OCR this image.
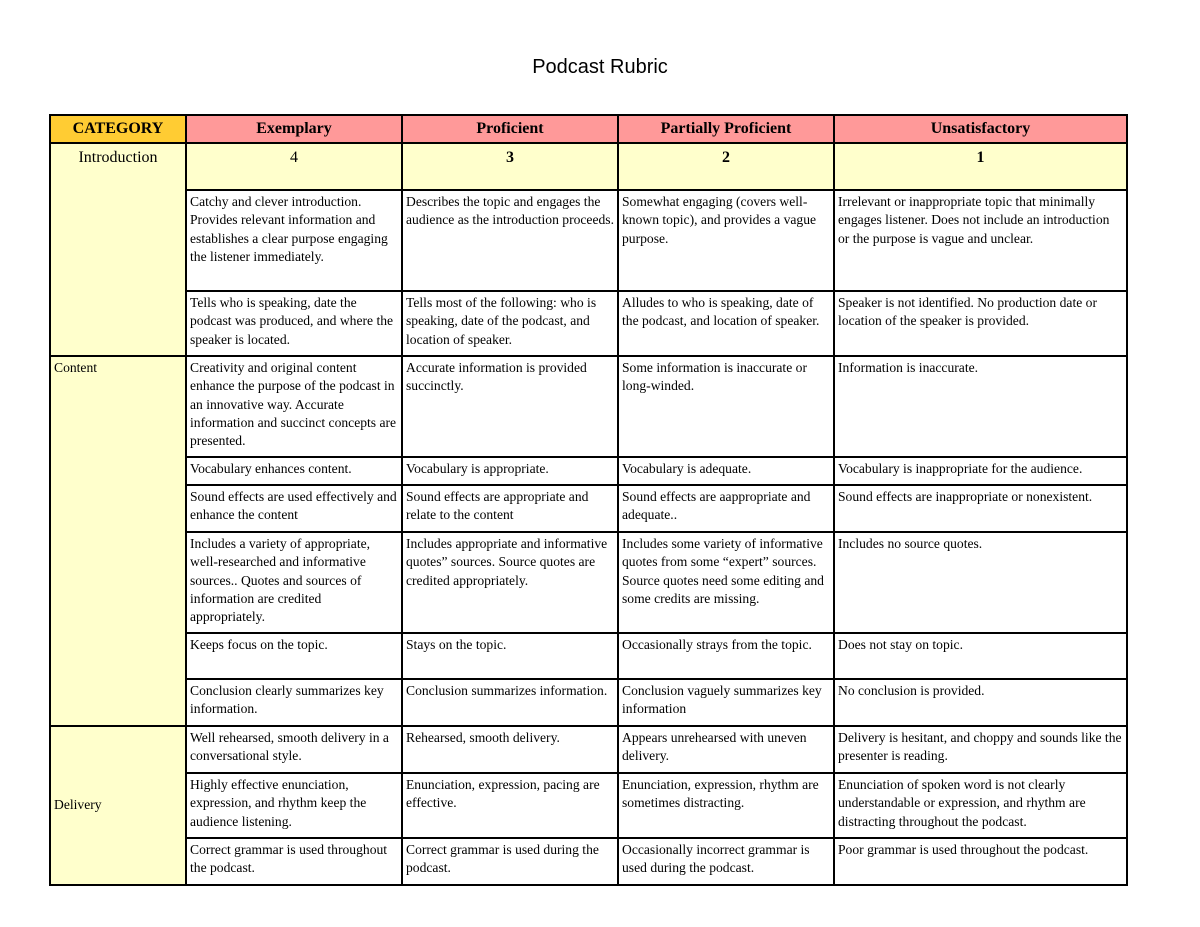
Podcast Rubric
CATEGORY	Exemplary	Proficient	Partially Proficient	Unsatisfactory
Introduction	4	3	2	1
	Catchy and clever introduction. Provides relevant information and establishes a clear purpose engaging the listener immediately.	Describes the topic and engages the audience as the introduction proceeds.	Somewhat engaging (covers well-known topic), and provides a vague purpose.	Irrelevant or inappropriate topic that minimally engages listener. Does not include an introduction or the purpose is vague and unclear.
	Tells who is speaking, date the podcast was produced, and where the speaker is located.	Tells most of the following: who is speaking, date of the podcast, and location of speaker.	Alludes to who is speaking, date of the podcast, and location of speaker.	Speaker is not identified. No production date or location of the speaker is provided.
Content	Creativity and original content enhance the purpose of the podcast in an innovative way. Accurate information and succinct concepts are presented.	Accurate information is provided succinctly.	Some information is inaccurate or long-winded.	Information is inaccurate.
	Vocabulary enhances content.	Vocabulary is appropriate.	Vocabulary is adequate.	Vocabulary is inappropriate for the audience.
	Sound effects are used effectively and enhance the content	Sound effects are appropriate and relate to the content	Sound effects are aappropriate and adequate..	Sound effects are inappropriate or nonexistent.
	Includes a variety of appropriate, well-researched and informative sources.. Quotes and sources of information are credited appropriately.	Includes appropriate and informative quotes” sources. Source quotes are credited appropriately.	Includes some variety of informative quotes from some “expert” sources. Source quotes need some editing and some credits are missing.	Includes no source quotes.
	Keeps focus on the topic.	Stays on the topic.	Occasionally strays from the topic.	Does not stay on topic.
	Conclusion clearly summarizes key information.	Conclusion summarizes information.	Conclusion vaguely summarizes key information	No conclusion is provided.
Delivery	Well rehearsed, smooth delivery in a conversational style.	Rehearsed, smooth delivery.	Appears unrehearsed with uneven delivery.	Delivery is hesitant, and choppy and sounds like the presenter is reading.
	Highly effective enunciation, expression, and rhythm keep the audience listening.	Enunciation, expression, pacing are effective.	Enunciation, expression, rhythm are sometimes distracting.	Enunciation of spoken word is not clearly understandable or expression, and rhythm are distracting throughout the podcast.
	Correct grammar is used throughout the podcast.	Correct grammar is used during the podcast.	Occasionally incorrect grammar is used during the podcast.	Poor grammar is used throughout the podcast.
